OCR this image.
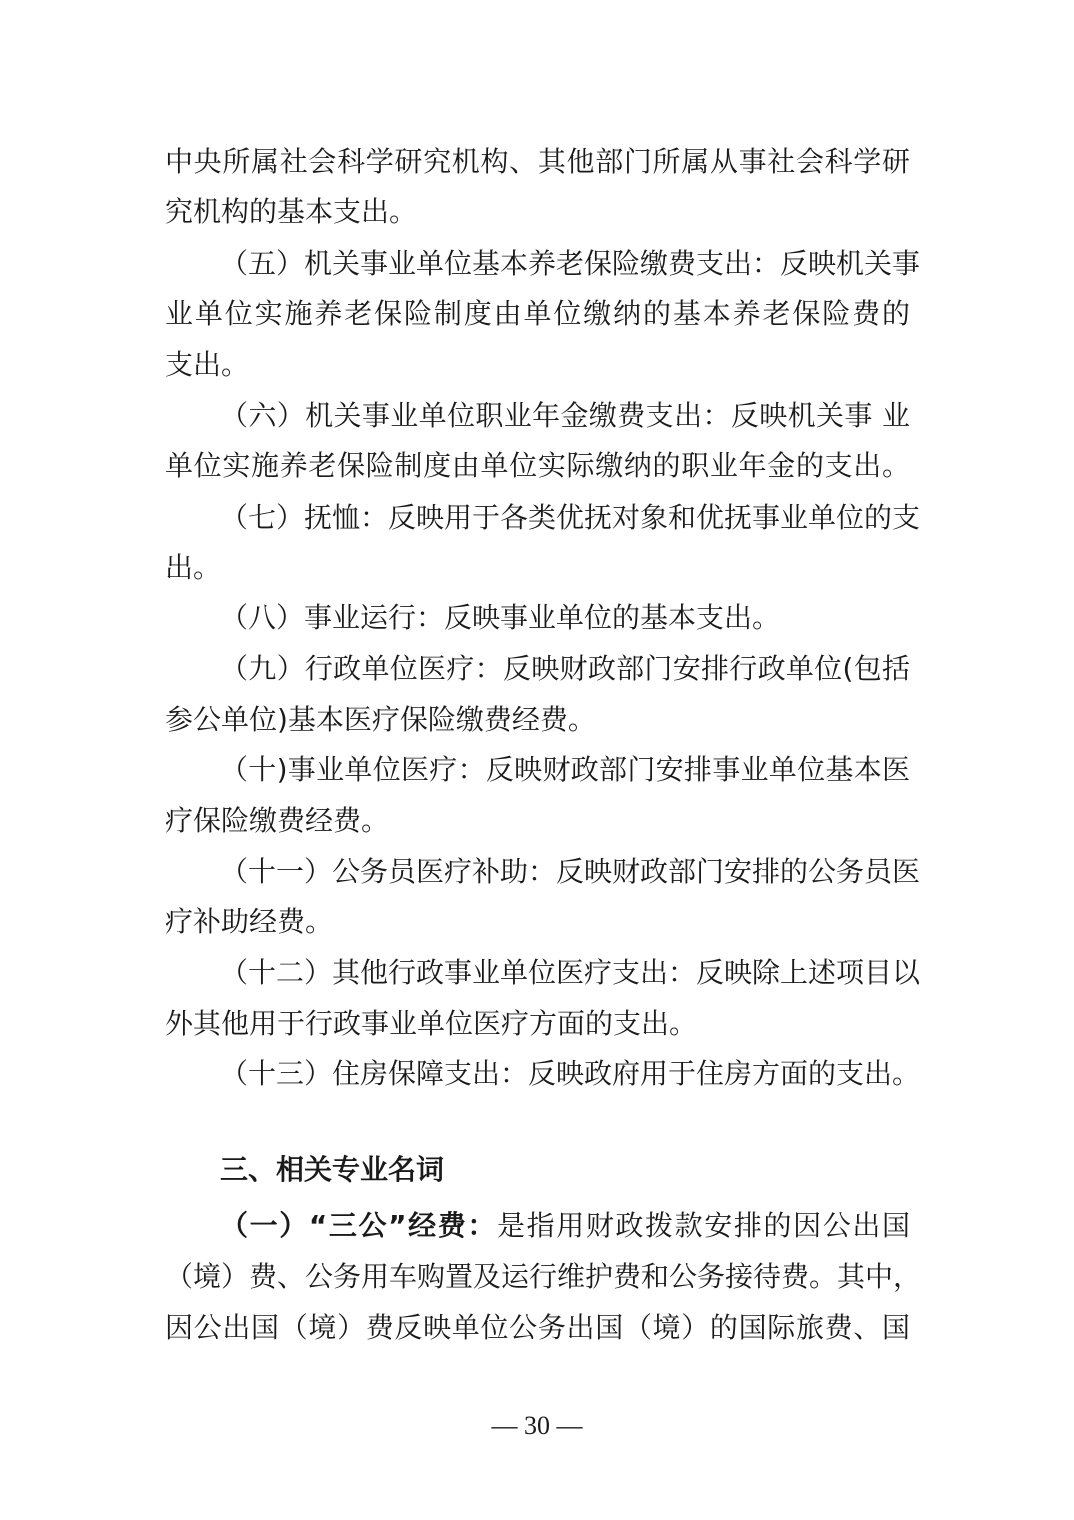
中央所属社会科学研究机构、其他部门所属从事社会科学研
究机构的基本支出。
（五）机关事业单位基本养老保险缴费支出：反映机关事
业单位实施养老保险制度由单位缴纳的基本养老保险费的
支出。
（六）机关事业单位职业年金缴费支出：反映机关事 业
单位实施养老保险制度由单位实际缴纳的职业年金的支出。
（七）抚恤：反映用于各类优抚对象和优抚事业单位的支
出。
（八）事业运行：反映事业单位的基本支出。
（九）行政单位医疗：反映财政部门安排行政单位(包括
参公单位)基本医疗保险缴费经费。
（十)事业单位医疗：反映财政部门安排事业单位基本医
疗保险缴费经费。
（十一）公务员医疗补助：反映财政部门安排的公务员医
疗补助经费。
（十二）其他行政事业单位医疗支出：反映除上述项目以
外其他用于行政事业单位医疗方面的支出。
（十三）住房保障支出：反映政府用于住房方面的支出。
三、相关专业名词
（一）“三公”经费：是指用财政拨款安排的因公出国
（境）费、公务用车购置及运行维护费和公务接待费。其中，
因公出国（境）费反映单位公务出国（境）的国际旅费、国
— 30 —
